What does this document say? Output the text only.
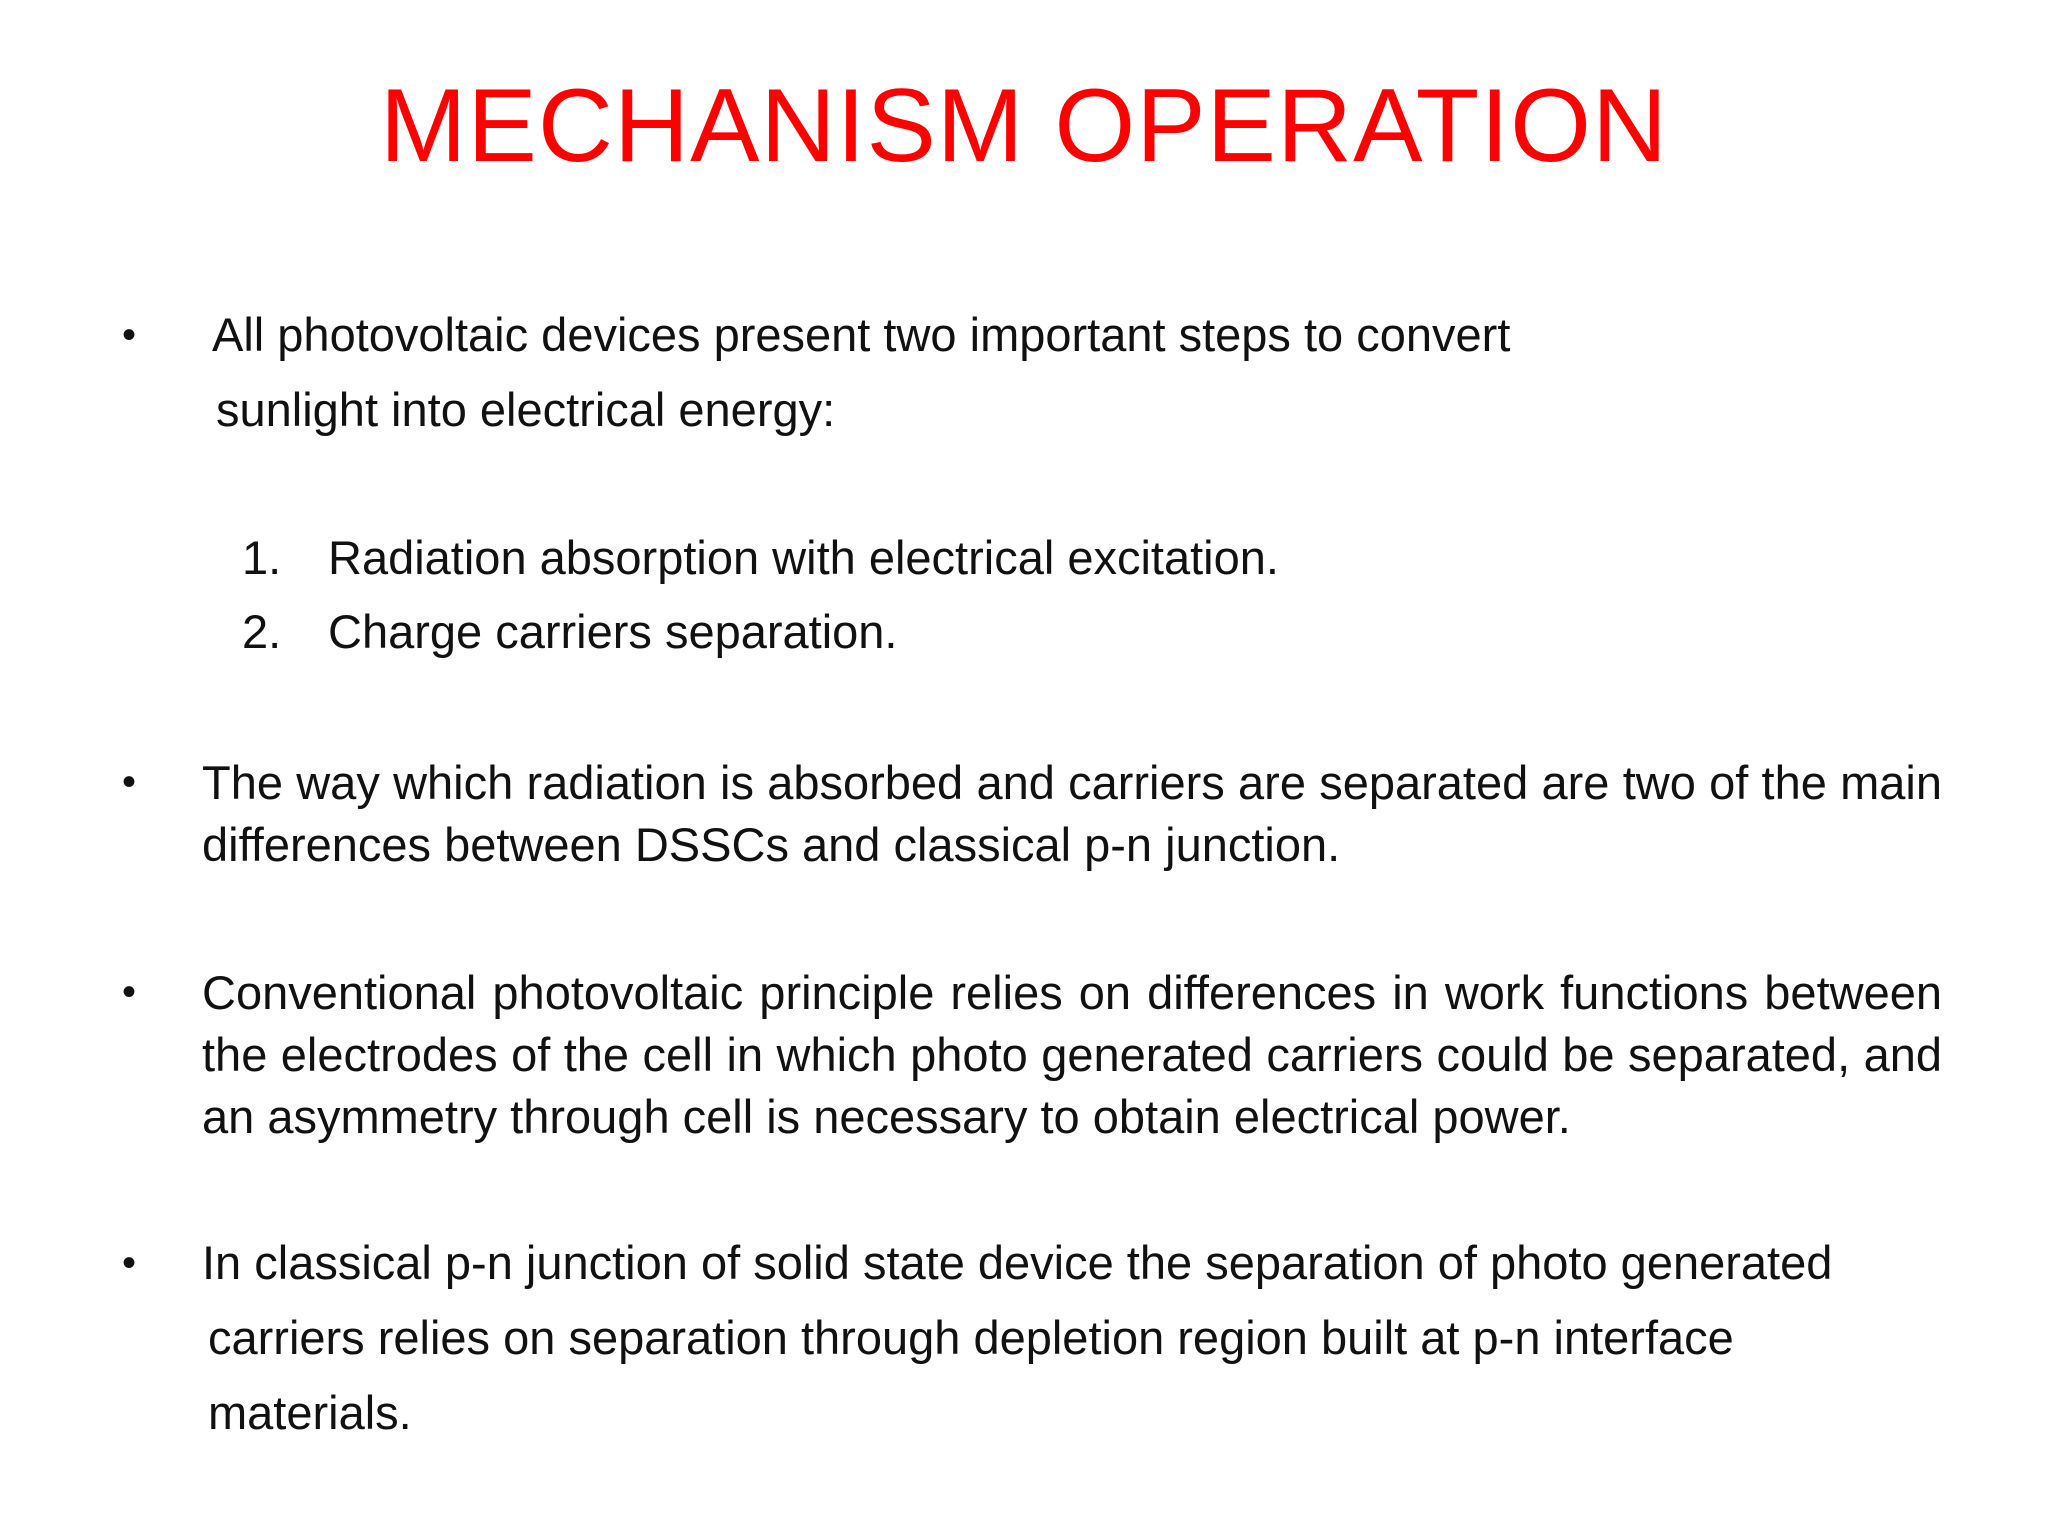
MECHANISM OPERATION
• All photovoltaic devices present two important steps to convert
sunlight into electrical energy:
1. Radiation absorption with electrical excitation.
2. Charge carriers separation.
• The way which radiation is absorbed and carriers are separated are two of the main differences between DSSCs and classical p-n junction.
• Conventional photovoltaic principle relies on differences in work functions between the electrodes of the cell in which photo generated carriers could be separated, and an asymmetry through cell is necessary to obtain electrical power.
• In classical p-n junction of solid state device the separation of photo generated
carriers relies on separation through depletion region built at p-n interface
materials.
